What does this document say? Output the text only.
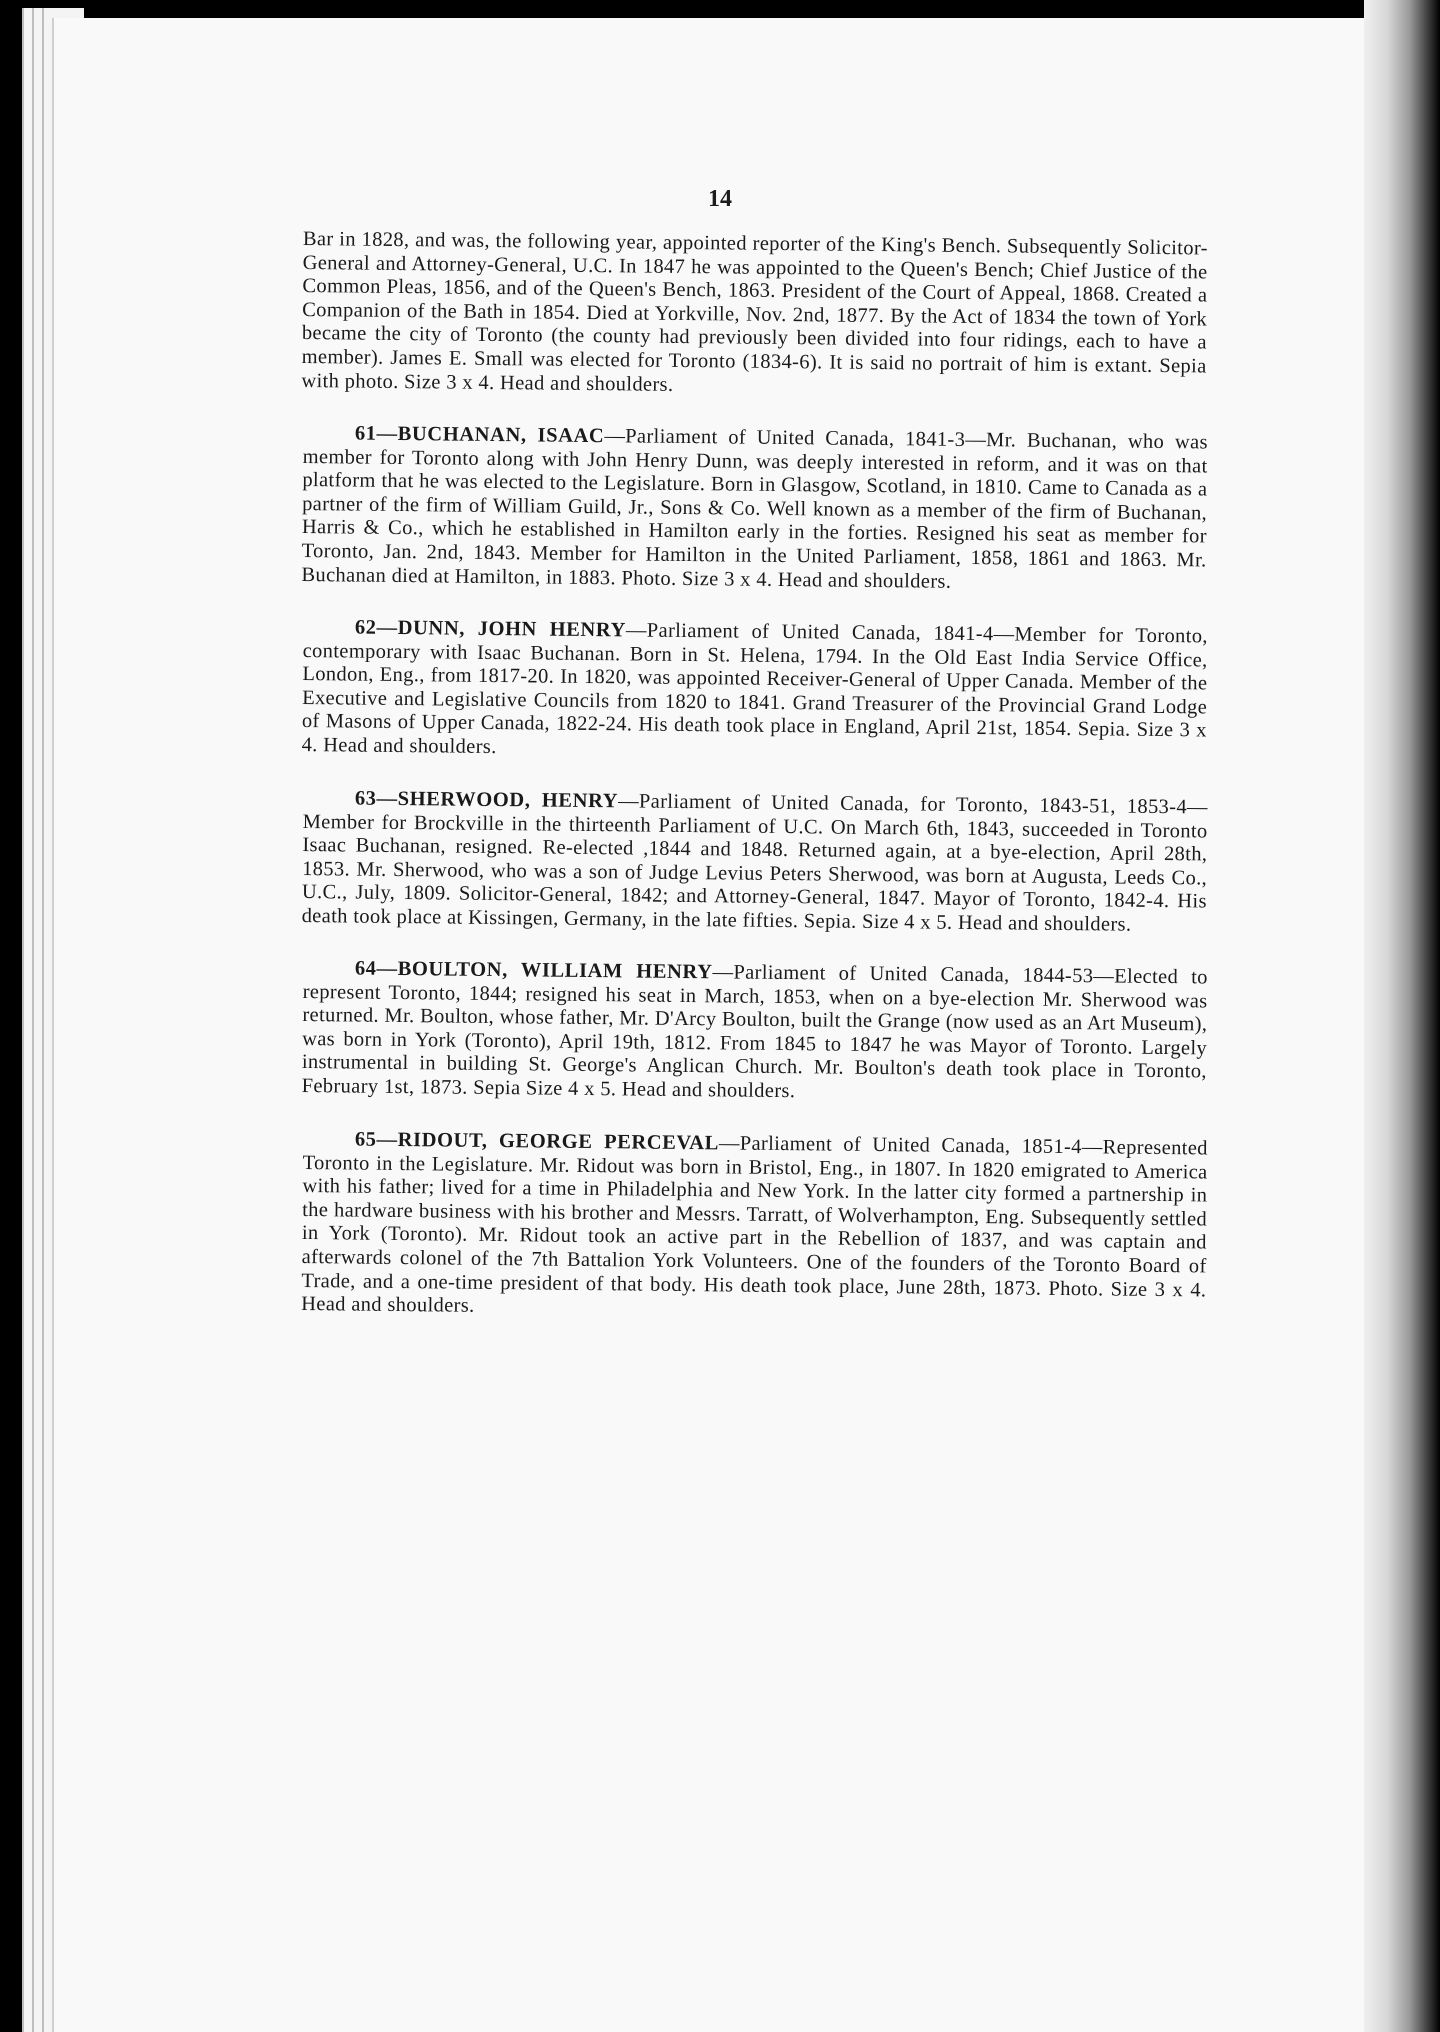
14

Bar in 1828, and was, the following year, appointed reporter of the King's Bench. Subsequently Solicitor-General and Attorney-General, U.C. In 1847 he was appointed to the Queen's Bench; Chief Justice of the Common Pleas, 1856, and of the Queen's Bench, 1863. President of the Court of Appeal, 1868. Created a Companion of the Bath in 1854. Died at Yorkville, Nov. 2nd, 1877. By the Act of 1834 the town of York became the city of Toronto (the county had previously been divided into four ridings, each to have a member). James E. Small was elected for Toronto (1834-6). It is said no portrait of him is extant. Sepia with photo. Size 3 x 4. Head and shoulders.

61—BUCHANAN, ISAAC—Parliament of United Canada, 1841-3—Mr. Buchanan, who was member for Toronto along with John Henry Dunn, was deeply interested in reform, and it was on that platform that he was elected to the Legislature. Born in Glasgow, Scotland, in 1810. Came to Canada as a partner of the firm of William Guild, Jr., Sons & Co. Well known as a member of the firm of Buchanan, Harris & Co., which he established in Hamilton early in the forties. Resigned his seat as member for Toronto, Jan. 2nd, 1843. Member for Hamilton in the United Parliament, 1858, 1861 and 1863. Mr. Buchanan died at Hamilton, in 1883. Photo. Size 3 x 4. Head and shoulders.

62—DUNN, JOHN HENRY—Parliament of United Canada, 1841-4—Member for Toronto, contemporary with Isaac Buchanan. Born in St. Helena, 1794. In the Old East India Service Office, London, Eng., from 1817-20. In 1820, was appointed Receiver-General of Upper Canada. Member of the Executive and Legislative Councils from 1820 to 1841. Grand Treasurer of the Provincial Grand Lodge of Masons of Upper Canada, 1822-24. His death took place in England, April 21st, 1854. Sepia. Size 3 x 4. Head and shoulders.

63—SHERWOOD, HENRY—Parliament of United Canada, for Toronto, 1843-51, 1853-4—Member for Brockville in the thirteenth Parliament of U.C. On March 6th, 1843, succeeded in Toronto Isaac Buchanan, resigned. Re-elected ,1844 and 1848. Returned again, at a bye-election, April 28th, 1853. Mr. Sherwood, who was a son of Judge Levius Peters Sherwood, was born at Augusta, Leeds Co., U.C., July, 1809. Solicitor-General, 1842; and Attorney-General, 1847. Mayor of Toronto, 1842-4. His death took place at Kissingen, Germany, in the late fifties. Sepia. Size 4 x 5. Head and shoulders.

64—BOULTON, WILLIAM HENRY—Parliament of United Canada, 1844-53—Elected to represent Toronto, 1844; resigned his seat in March, 1853, when on a bye-election Mr. Sherwood was returned. Mr. Boulton, whose father, Mr. D'Arcy Boulton, built the Grange (now used as an Art Museum), was born in York (Toronto), April 19th, 1812. From 1845 to 1847 he was Mayor of Toronto. Largely instrumental in building St. George's Anglican Church. Mr. Boulton's death took place in Toronto, February 1st, 1873. Sepia Size 4 x 5. Head and shoulders.

65—RIDOUT, GEORGE PERCEVAL—Parliament of United Canada, 1851-4—Represented Toronto in the Legislature. Mr. Ridout was born in Bristol, Eng., in 1807. In 1820 emigrated to America with his father; lived for a time in Philadelphia and New York. In the latter city formed a partnership in the hardware business with his brother and Messrs. Tarratt, of Wolverhampton, Eng. Subsequently settled in York (Toronto). Mr. Ridout took an active part in the Rebellion of 1837, and was captain and afterwards colonel of the 7th Battalion York Volunteers. One of the founders of the Toronto Board of Trade, and a one-time president of that body. His death took place, June 28th, 1873. Photo. Size 3 x 4. Head and shoulders.
